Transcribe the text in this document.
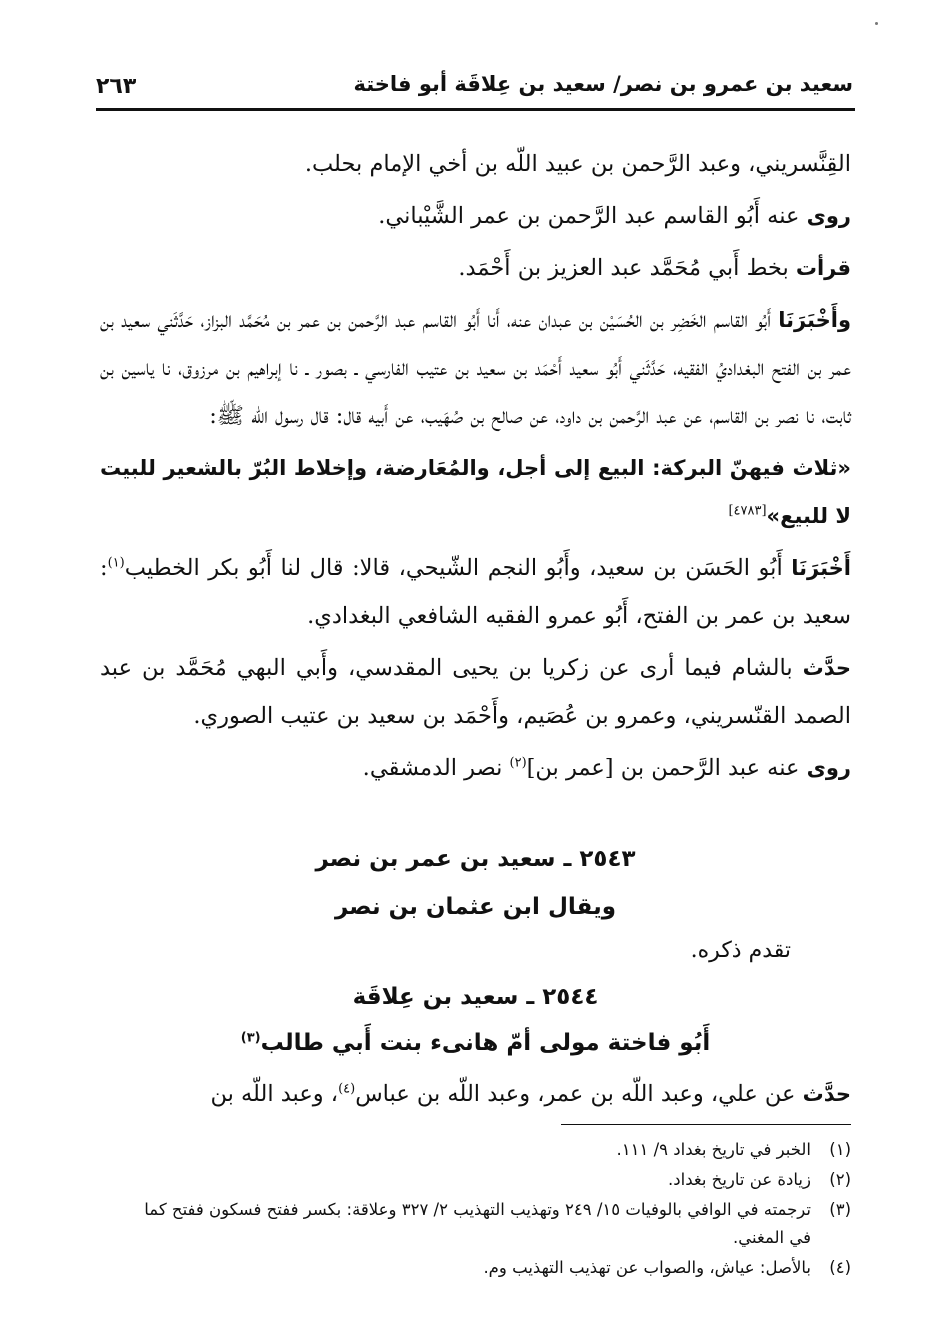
٢٦٣	سعيد بن عمرو بن نصر/ سعيد بن عِلاقَة أبو فاختة

القِنَّسريني، وعبد الرَّحمن بن عبيد اللّه بن أخي الإمام بحلب.

روى عنه أَبُو القاسم عبد الرَّحمن بن عمر الشَّيْباني.

قرأت بخط أَبي مُحَمَّد عبد العزيز بن أَحْمَد.

وأَخْبَرَنَا أَبُو القاسم الخَضِر بن الحُسَيْن بن عبدان عنه، أَنا أَبُو القاسم عبد الرَّحمن بن عمر بن مُحَمَّد البزاز، حَدَّثَني سعيد بن عمر بن الفتح البغداديُ الفقيه، حَدَّثَني أَبُو سعيد أَحْمَد بن سعيد بن عتيب الفارسي ـ بصور ـ نا إبراهيم بن مرزوق، نا ياسين بن ثابت، نا نصر بن القاسم، عن عبد الرَّحمن بن داود، عن صالح بن صُهَيب، عن أَبيه قال: قال رسول اللّه ﷺ:

«ثلاث فيهنّ البركة: البيع إلى أجل، والمُعَارضة، وإخلاط البُرّ بالشعير للبيت لا للبيع»[٤٧٨٣]

أَخْبَرَنَا أَبُو الحَسَن بن سعيد، وأَبُو النجم الشّيحي، قالا: قال لنا أَبُو بكر الخطيب$^{(١)}$: سعيد بن عمر بن الفتح، أَبُو عمرو الفقيه الشافعي البغدادي.

حدَّث بالشام فيما أرى عن زكريا بن يحيى المقدسي، وأَبي البهي مُحَمَّد بن عبد الصمد القنّسريني، وعمرو بن عُصَيم، وأَحْمَد بن سعيد بن عتيب الصوري.

روى عنه عبد الرَّحمن بن [عمر بن]$^{(٢)}$ نصر الدمشقي.

٢٥٤٣ ـ سعيد بن عمر بن نصر
ويقال ابن عثمان بن نصر
تقدم ذكره.
٢٥٤٤ ـ سعيد بن عِلاقَة
أَبُو فاختة مولى أمّ هانىء بنت أَبي طالب$^{(٣)}$

حدَّث عن علي، وعبد اللّه بن عمر، وعبد اللّه بن عباس$^{(٤)}$، وعبد اللّه بن

(١)الخبر في تاريخ بغداد ٩/ ١١١.
(٢)زيادة عن تاريخ بغداد.
(٣)ترجمته في الوافي بالوفيات ١٥/ ٢٤٩ وتهذيب التهذيب ٢/ ٣٢٧ وعلاقة: بكسر ففتح فسكون ففتح كما
في المغني.
(٤)بالأصل: عياش، والصواب عن تهذيب التهذيب وم.
